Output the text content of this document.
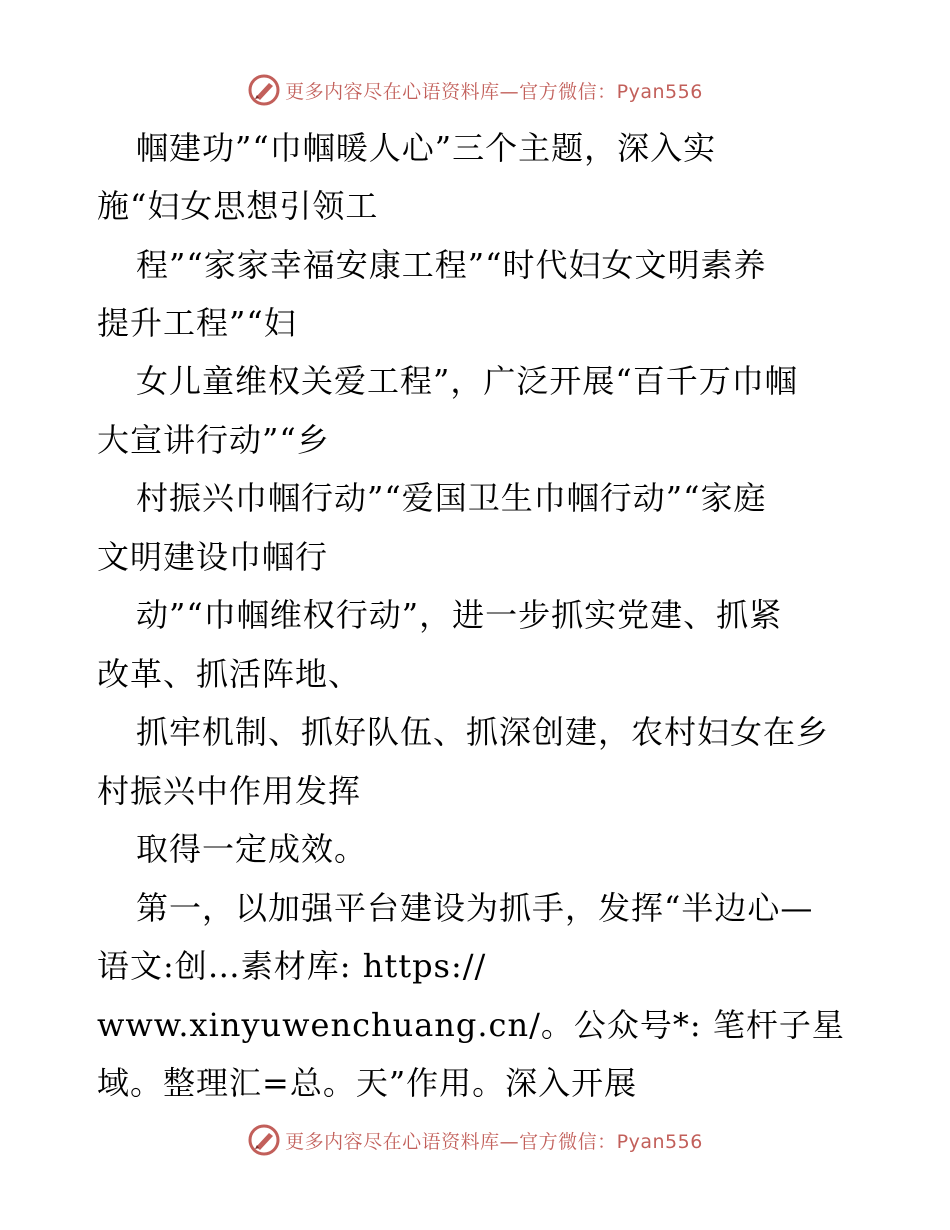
更多内容尽在心语资料库—官方微信：Pyan556
帼建功”“巾帼暖人心”三个主题，深入实
施“妇女思想引领工
程”“家家幸福安康工程”“时代妇女文明素养
提升工程”“妇
女儿童维权关爱工程”，广泛开展“百千万巾帼
大宣讲行动”“乡
村振兴巾帼行动”“爱国卫生巾帼行动”“家庭
文明建设巾帼行
动”“巾帼维权行动”，进一步抓实党建、抓紧
改革、抓活阵地、
抓牢机制、抓好队伍、抓深创建，农村妇女在乡
村振兴中作用发挥
取得一定成效。
第一，以加强平台建设为抓手，发挥“半边心—
语文:创…素材库: https://
www.xinyuwenchuang.cn/。公众号*: 笔杆子星
域。整理汇=总。天”作用。深入开展
更多内容尽在心语资料库—官方微信：Pyan556
